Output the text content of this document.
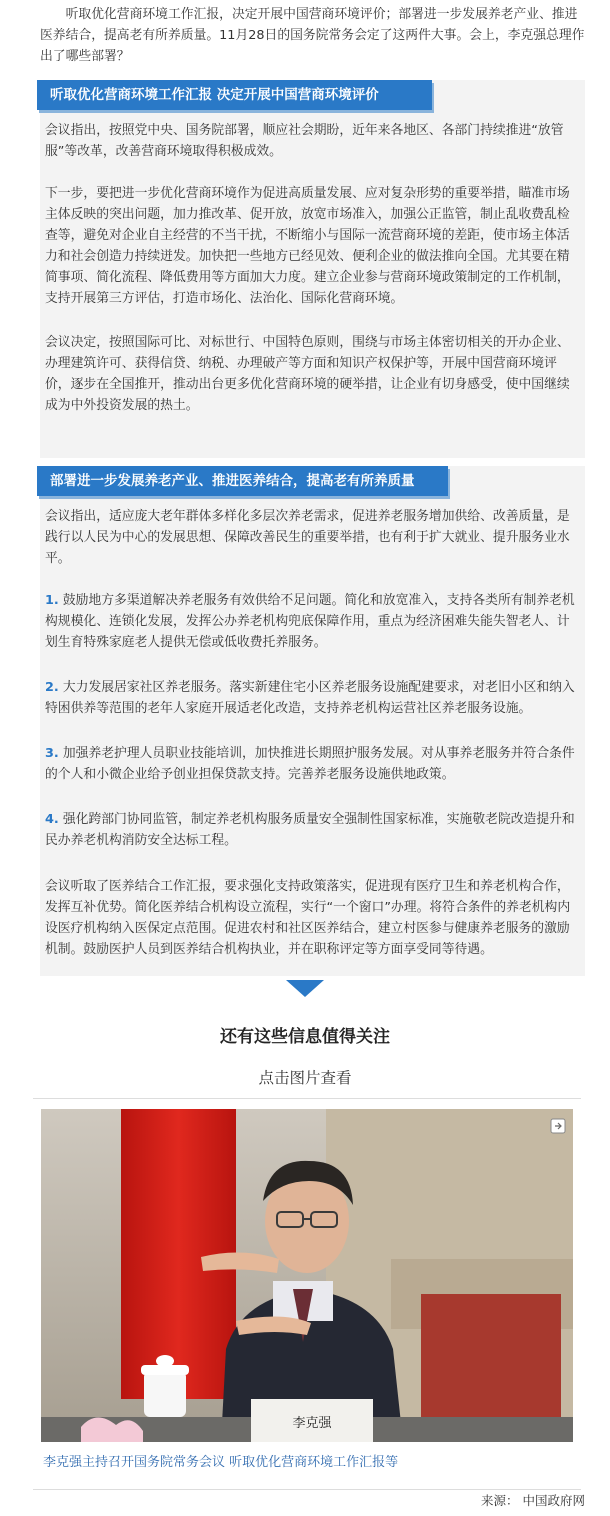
听取优化营商环境工作汇报，决定开展中国营商环境评价；部署进一步发展养老产业、推进医养结合，提高老有所养质量。11月28日的国务院常务会定了这两件大事。会上，李克强总理作出了哪些部署？

听取优化营商环境工作汇报 决定开展中国营商环境评价

会议指出，按照党中央、国务院部署，顺应社会期盼，近年来各地区、各部门持续推进“放管服”等改革，改善营商环境取得积极成效。

下一步，要把进一步优化营商环境作为促进高质量发展、应对复杂形势的重要举措，瞄准市场主体反映的突出问题，加力推改革、促开放，放宽市场准入，加强公正监管，制止乱收费乱检查等，避免对企业自主经营的不当干扰，不断缩小与国际一流营商环境的差距，使市场主体活力和社会创造力持续迸发。加快把一些地方已经见效、便利企业的做法推向全国。尤其要在精简事项、简化流程、降低费用等方面加大力度。建立企业参与营商环境政策制定的工作机制，支持开展第三方评估，打造市场化、法治化、国际化营商环境。

会议决定，按照国际可比、对标世行、中国特色原则，围绕与市场主体密切相关的开办企业、办理建筑许可、获得信贷、纳税、办理破产等方面和知识产权保护等，开展中国营商环境评价，逐步在全国推开，推动出台更多优化营商环境的硬举措，让企业有切身感受，使中国继续成为中外投资发展的热土。

部署进一步发展养老产业、推进医养结合，提高老有所养质量

会议指出，适应庞大老年群体多样化多层次养老需求，促进养老服务增加供给、改善质量，是践行以人民为中心的发展思想、保障改善民生的重要举措，也有利于扩大就业、提升服务业水平。

1. 鼓励地方多渠道解决养老服务有效供给不足问题。简化和放宽准入，支持各类所有制养老机构规模化、连锁化发展，发挥公办养老机构兜底保障作用，重点为经济困难失能失智老人、计划生育特殊家庭老人提供无偿或低收费托养服务。

2. 大力发展居家社区养老服务。落实新建住宅小区养老服务设施配建要求，对老旧小区和纳入特困供养等范围的老年人家庭开展适老化改造，支持养老机构运营社区养老服务设施。

3. 加强养老护理人员职业技能培训，加快推进长期照护服务发展。对从事养老服务并符合条件的个人和小微企业给予创业担保贷款支持。完善养老服务设施供地政策。

4. 强化跨部门协同监管，制定养老机构服务质量安全强制性国家标准，实施敬老院改造提升和民办养老机构消防安全达标工程。

会议听取了医养结合工作汇报，要求强化支持政策落实，促进现有医疗卫生和养老机构合作，发挥互补优势。简化医养结合机构设立流程，实行“一个窗口”办理。将符合条件的养老机构内设医疗机构纳入医保定点范围。促进农村和社区医养结合，建立村医参与健康养老服务的激励机制。鼓励医护人员到医养结合机构执业，并在职称评定等方面享受同等待遇。

还有这些信息值得关注
点击图片查看
李克强
李克强主持召开国务院常务会议 听取优化营商环境工作汇报等
来源： 中国政府网
